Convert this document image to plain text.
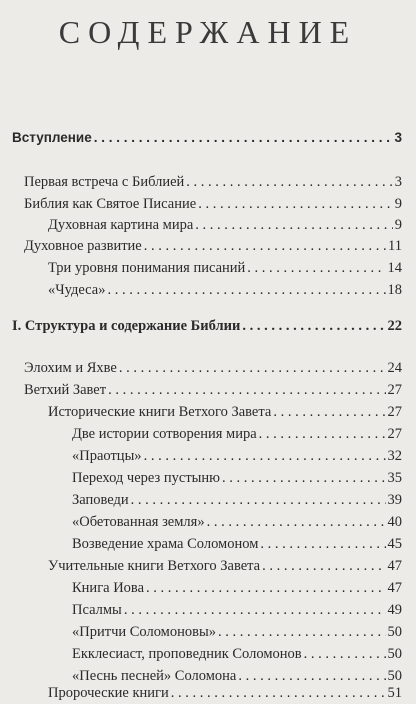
СОДЕРЖАНИЕ
Вступление . . .	3
Первая встреча с Библией . . .	3
Библия как Святое Писание . . .	9
Духовная картина мира . . .	9
Духовное развитие . . .	11
Три уровня понимания писаний . . .	14
«Чудеса» . . .	18
I. Структура и содержание Библии . . .	22
Элохим и Яхве . . .	24
Ветхий Завет . . .	27
Исторические книги Ветхого Завета . . .	27
Две истории сотворения мира . . .	27
«Праотцы» . . .	32
Переход через пустыню . . .	35
Заповеди . . .	39
«Обетованная земля» . . .	40
Возведение храма Соломоном . . .	45
Учительные книги Ветхого Завета . . .	47
Книга Иова . . .	47
Псалмы . . .	49
«Притчи Соломоновы» . . .	50
Екклесиаст, проповедник Соломонов . . .	50
«Песнь песней» Соломона . . .	50
Пророческие книги . . .	51
